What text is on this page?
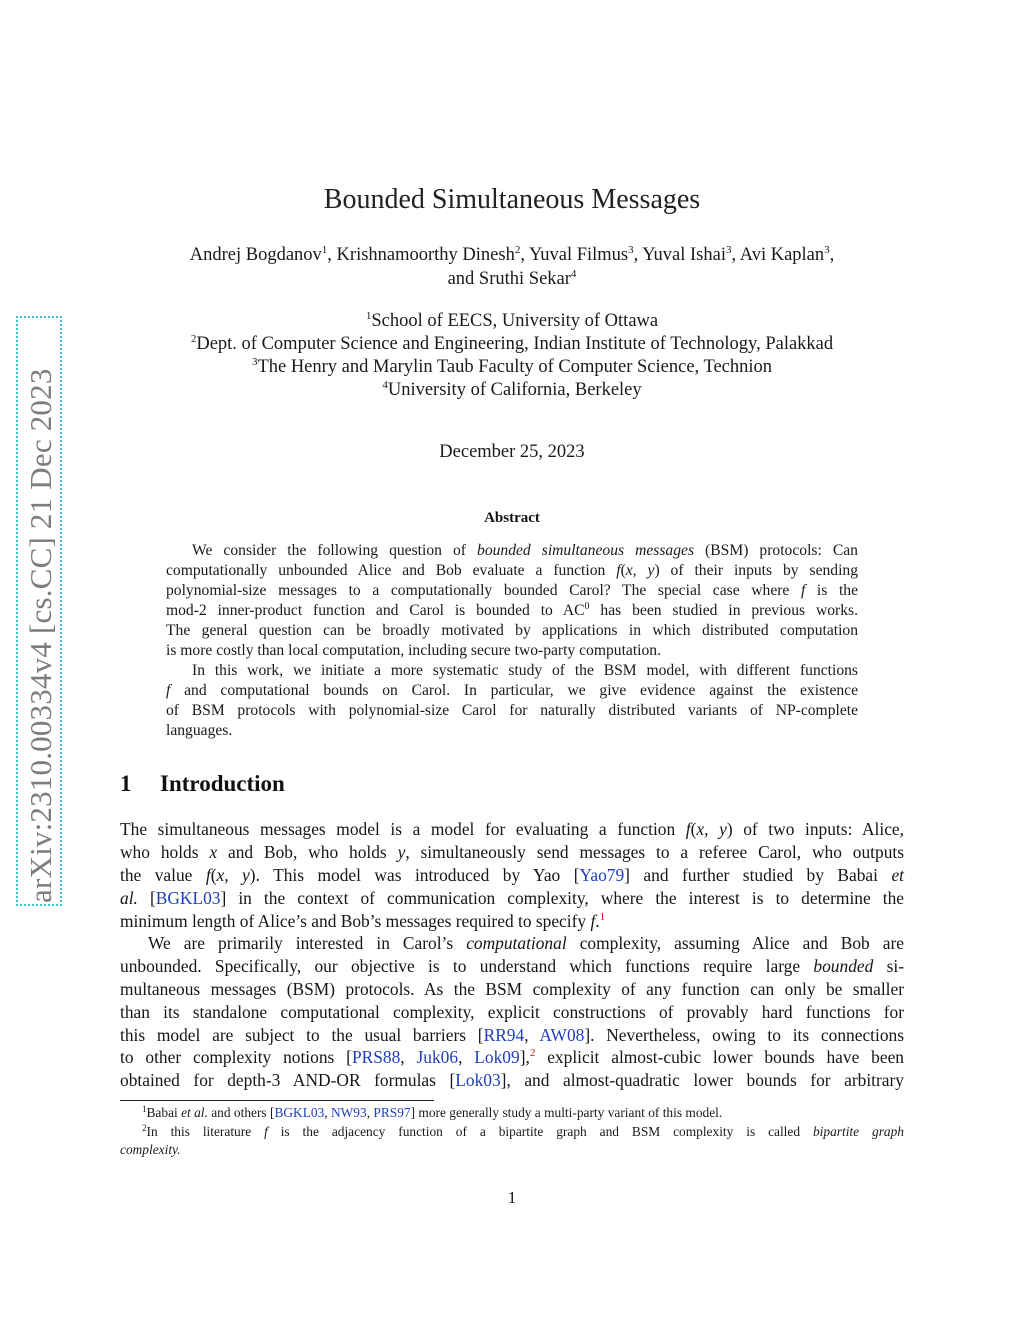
arXiv:2310.00334v4 [cs.CC] 21 Dec 2023
Bounded Simultaneous Messages
Andrej Bogdanov$^1$, Krishnamoorthy Dinesh$^2$, Yuval Filmus$^3$, Yuval Ishai$^3$, Avi Kaplan$^3$,
and Sruthi Sekar$^4$
$^1$School of EECS, University of Ottawa
$^2$Dept. of Computer Science and Engineering, Indian Institute of Technology, Palakkad
$^3$The Henry and Marylin Taub Faculty of Computer Science, Technion
$^4$University of California, Berkeley
December 25, 2023
Abstract
We consider the following question of bounded simultaneous messages (BSM) protocols: Can
computationally unbounded Alice and Bob evaluate a function f(x, y) of their inputs by sending
polynomial-size messages to a computationally bounded Carol? The special case where f is the
mod-2 inner-product function and Carol is bounded to $AC^0$ has been studied in previous works.
The general question can be broadly motivated by applications in which distributed computation
is more costly than local computation, including secure two-party computation.
In this work, we initiate a more systematic study of the BSM model, with different functions
f and computational bounds on Carol. In particular, we give evidence against the existence
of BSM protocols with polynomial-size Carol for naturally distributed variants of NP-complete
languages.
1 Introduction
The simultaneous messages model is a model for evaluating a function f(x, y) of two inputs: Alice,
who holds x and Bob, who holds y, simultaneously send messages to a referee Carol, who outputs
the value f(x, y). This model was introduced by Yao [Yao79] and further studied by Babai et
al. [BGKL03] in the context of communication complexity, where the interest is to determine the
minimum length of Alice’s and Bob’s messages required to specify f.$^1$
We are primarily interested in Carol’s computational complexity, assuming Alice and Bob are
unbounded. Specifically, our objective is to understand which functions require large bounded si-
multaneous messages (BSM) protocols. As the BSM complexity of any function can only be smaller
than its standalone computational complexity, explicit constructions of provably hard functions for
this model are subject to the usual barriers [RR94, AW08]. Nevertheless, owing to its connections
to other complexity notions [PRS88, Juk06, Lok09],$^2$ explicit almost-cubic lower bounds have been
obtained for depth-3 AND-OR formulas [Lok03], and almost-quadratic lower bounds for arbitrary
$^1$Babai et al. and others [BGKL03, NW93, PRS97] more generally study a multi-party variant of this model.
$^2$In this literature f is the adjacency function of a bipartite graph and BSM complexity is called bipartite graph
complexity.
1
